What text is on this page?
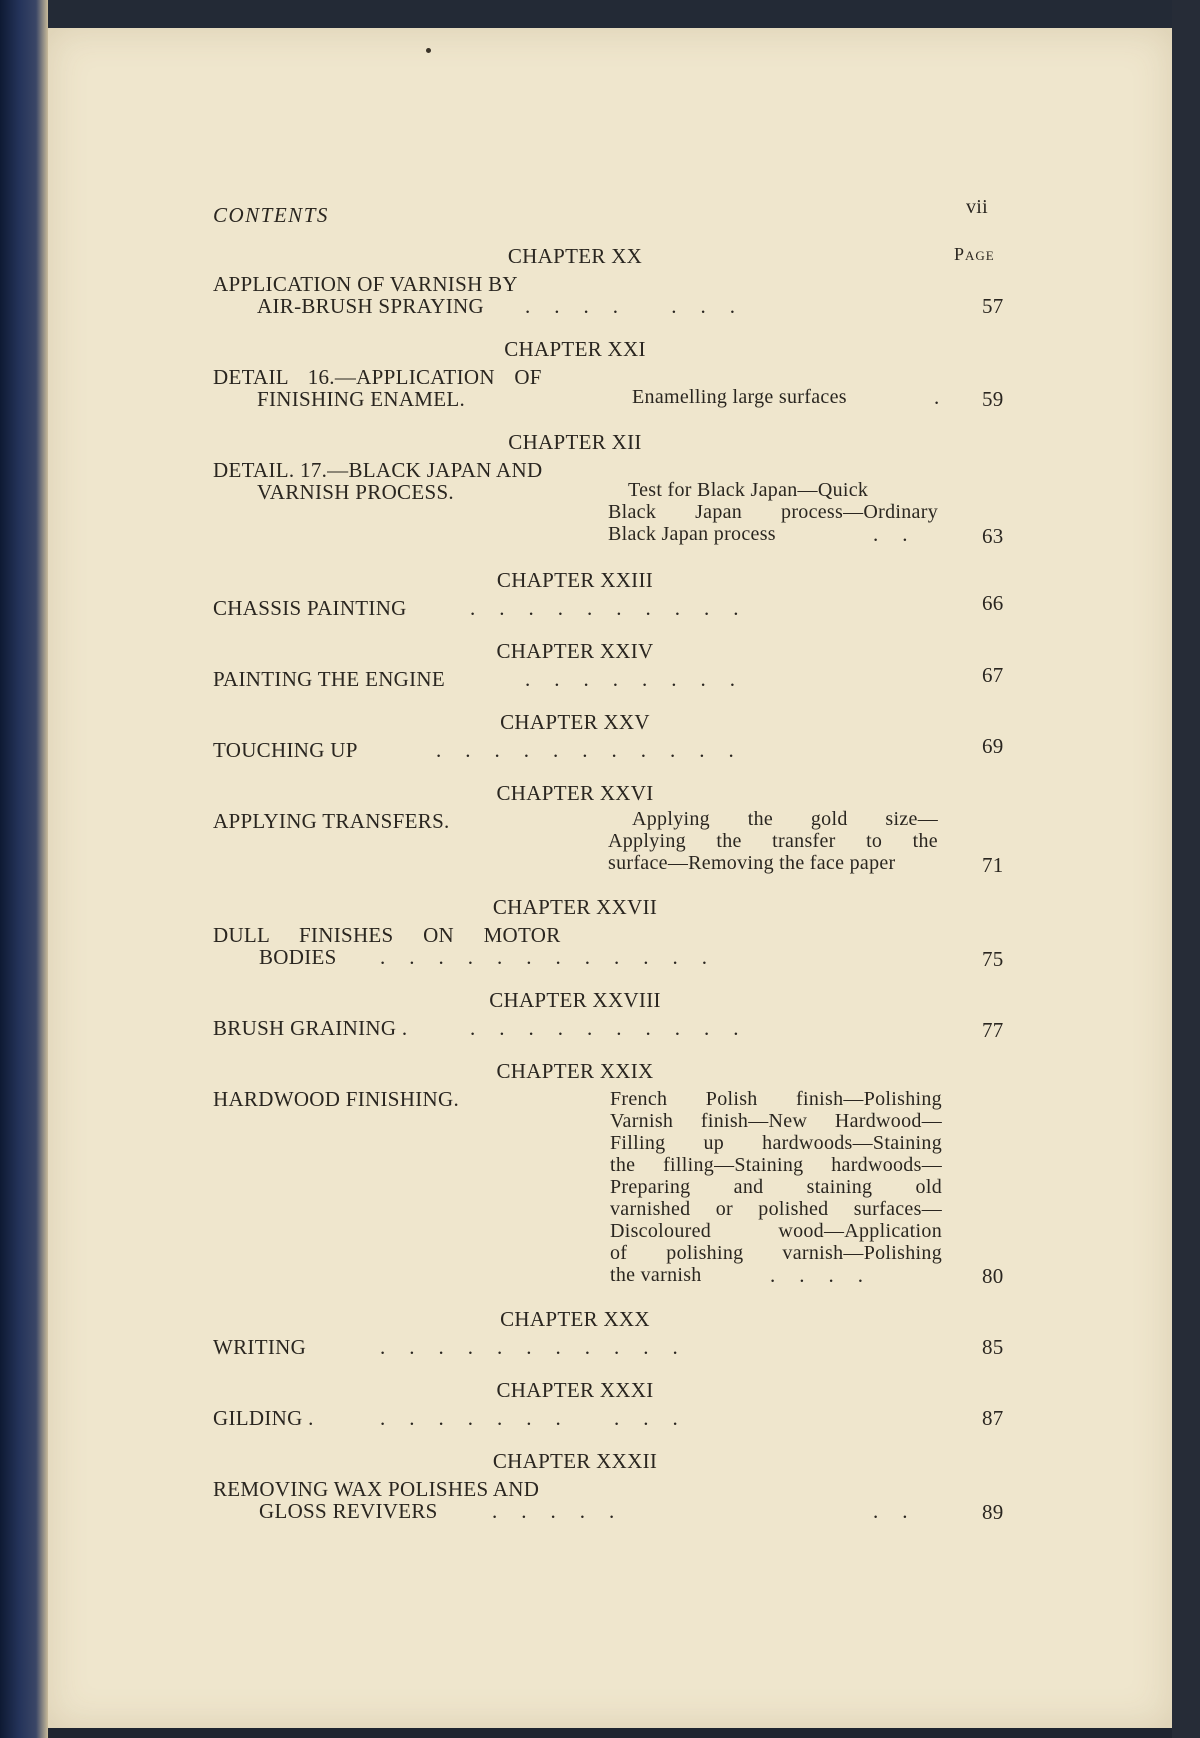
CONTENTS	vii
Page
CHAPTER XX
APPLICATION OF VARNISH BY
AIR-BRUSH SPRAYING .... ...	57
CHAPTER XXI
DETAIL 16.—APPLICATION OF
FINISHING ENAMEL.	Enamelling large surfaces	. 59
CHAPTER XII
DETAIL. 17.—BLACK JAPAN AND
VARNISH PROCESS.	Test for Black Japan—Quick
Black Japan process—Ordinary
Black Japan process	.. 63
CHAPTER XXIII
CHASSIS PAINTING	..........	66
CHAPTER XXIV
PAINTING THE ENGINE	........	67
CHAPTER XXV
TOUCHING UP	...........	69
CHAPTER XXVI
APPLYING TRANSFERS.	Applying the gold size—
Applying the transfer to the
surface—Removing the face paper	71
CHAPTER XXVII
DULL FINISHES ON MOTOR
BODIES ............	75
CHAPTER XXVIII
BRUSH GRAINING .	..........	77
CHAPTER XXIX
HARDWOOD FINISHING.	French Polish finish—Polishing
Varnish finish—New Hardwood—
Filling up hardwoods—Staining
the filling—Staining hardwoods—
Preparing and staining old
varnished or polished surfaces—
Discoloured wood—Application
of polishing varnish—Polishing
the varnish	....	80
CHAPTER XXX
WRITING	...........	85
CHAPTER XXXI
GILDING .	....... ...	87
CHAPTER XXXII
REMOVING WAX POLISHES AND
GLOSS REVIVERS	.....	.. 89
